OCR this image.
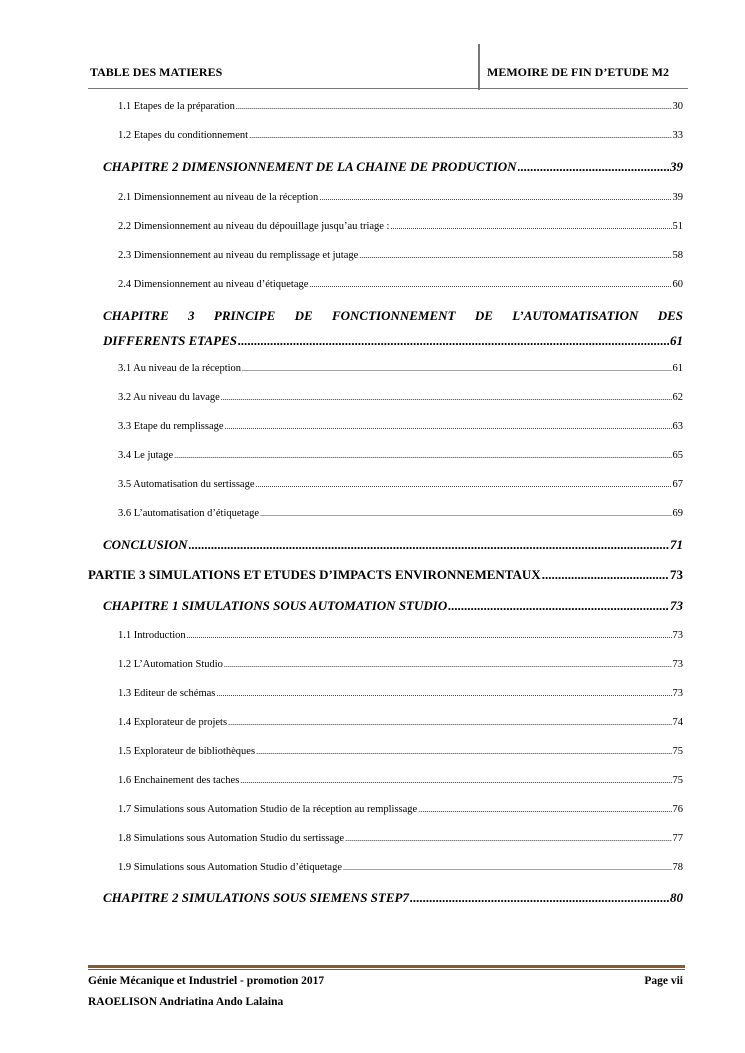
TABLE DES MATIERES	MEMOIRE DE FIN D’ETUDE M2
1.1 Etapes de la préparation .....	30
1.2 Etapes du conditionnement .....	33
CHAPITRE 2 DIMENSIONNEMENT DE LA CHAINE DE PRODUCTION .....	39
2.1 Dimensionnement au niveau de la réception .....	39
2.2 Dimensionnement au niveau du dépouillage jusqu’au triage : .....	51
2.3 Dimensionnement au niveau du remplissage et jutage .....	58
2.4 Dimensionnement au niveau d’étiquetage .....	60
CHAPITRE 3 PRINCIPE DE FONCTIONNEMENT DE L’AUTOMATISATION DES
DIFFERENTS ETAPES .....	61
3.1 Au niveau de la réception .....	61
3.2 Au niveau du lavage .....	62
3.3 Etape du remplissage .....	63
3.4 Le jutage .....	65
3.5 Automatisation du sertissage .....	67
3.6 L’automatisation d’étiquetage .....	69
CONCLUSION .....	71
PARTIE 3 SIMULATIONS ET ETUDES D’IMPACTS ENVIRONNEMENTAUX .....	73
CHAPITRE 1 SIMULATIONS SOUS AUTOMATION STUDIO .....	73
1.1 Introduction .....	73
1.2 L’Automation Studio .....	73
1.3 Editeur de schémas .....	73
1.4 Explorateur de projets .....	74
1.5 Explorateur de bibliothèques .....	75
1.6 Enchainement des taches .....	75
1.7 Simulations sous Automation Studio de la réception au remplissage .....	76
1.8 Simulations sous Automation Studio du sertissage .....	77
1.9 Simulations sous Automation Studio d’étiquetage .....	78
CHAPITRE 2 SIMULATIONS SOUS SIEMENS STEP7 .....	80
Génie Mécanique et Industriel - promotion 2017	Page vii
RAOELISON Andriatina Ando Lalaina
